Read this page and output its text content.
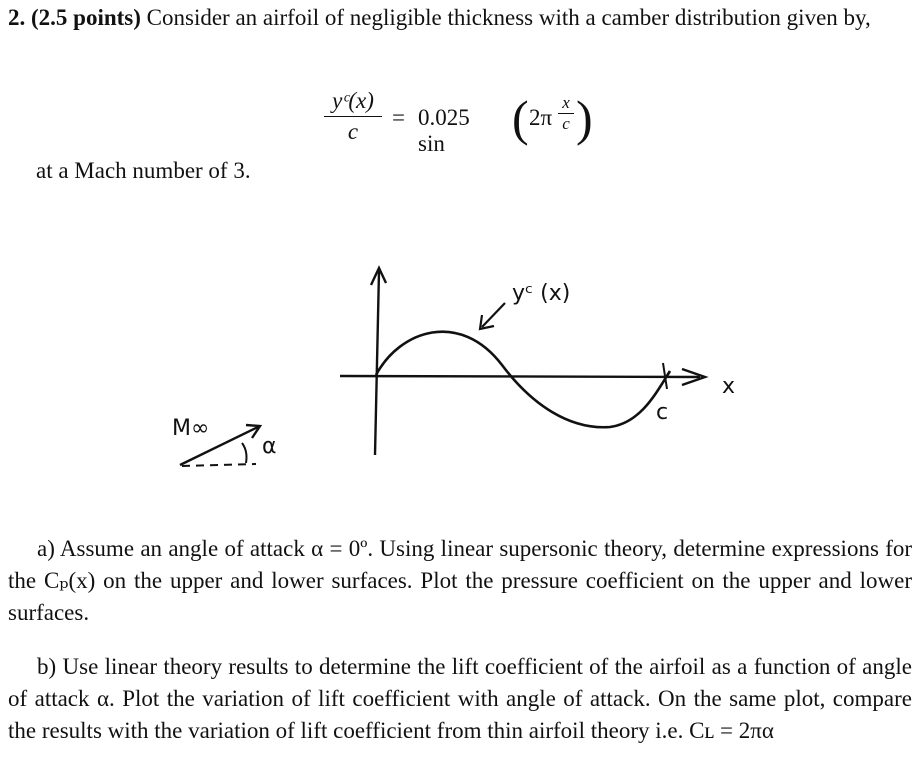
2. (2.5 points) Consider an airfoil of negligible thickness with a camber distribution given by,
yᶜ(x)
c
= 0.025 sin	( 2π
x
c )
at a Mach number of 3.
yᶜ (x)
x
c
M∞
α
a) Assume an angle of attack α = 0º. Using linear supersonic theory, determine expressions for the Cₚ(x) on the upper and lower surfaces. Plot the pressure coefficient on the upper and lower surfaces.
b) Use linear theory results to determine the lift coefficient of the airfoil as a function of angle of attack α. Plot the variation of lift coefficient with angle of attack. On the same plot, compare the results with the variation of lift coefficient from thin airfoil theory i.e. Cʟ = 2πα
